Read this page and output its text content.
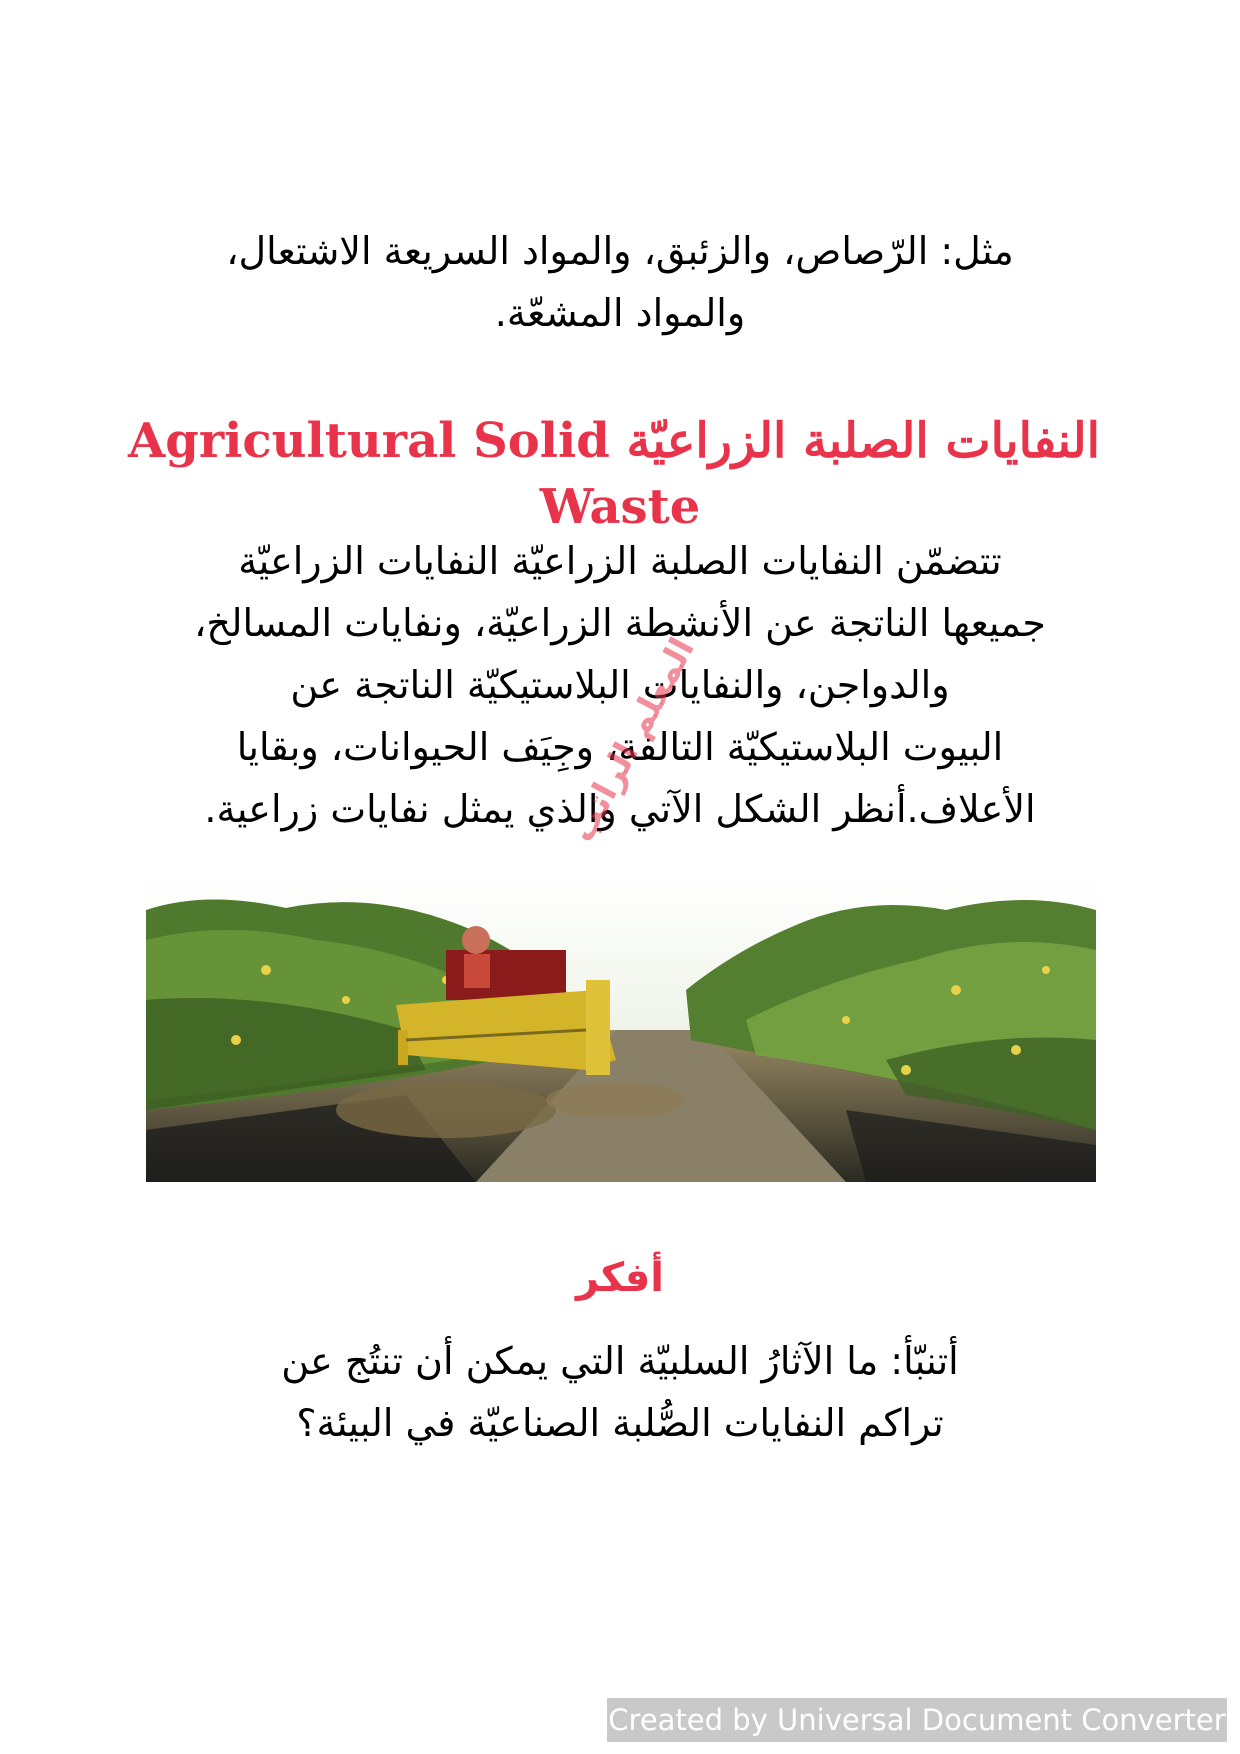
مثل: الرّصاص، والزئبق، والمواد السريعة الاشتعال،
والمواد المشعّة.
النفايات الصلبة الزراعيّة Agricultural Solid
Waste
تتضمّن النفايات الصلبة الزراعيّة النفايات الزراعيّة
جميعها الناتجة عن الأنشطة الزراعيّة، ونفايات المسالخ،
والدواجن، والنفايات البلاستيكيّة الناتجة عن
البيوت البلاستيكيّة التالفة، وجِيَف الحيوانات، وبقايا
الأعلاف.أنظر الشكل الآتي والذي يمثل نفايات زراعية.
المعلم الراتب
أفكر
أتنبّأ: ما الآثارُ السلبيّة التي يمكن أن تنتُج عن
تراكم النفايات الصُّلبة الصناعيّة في البيئة؟
Created by Universal Document Converter
